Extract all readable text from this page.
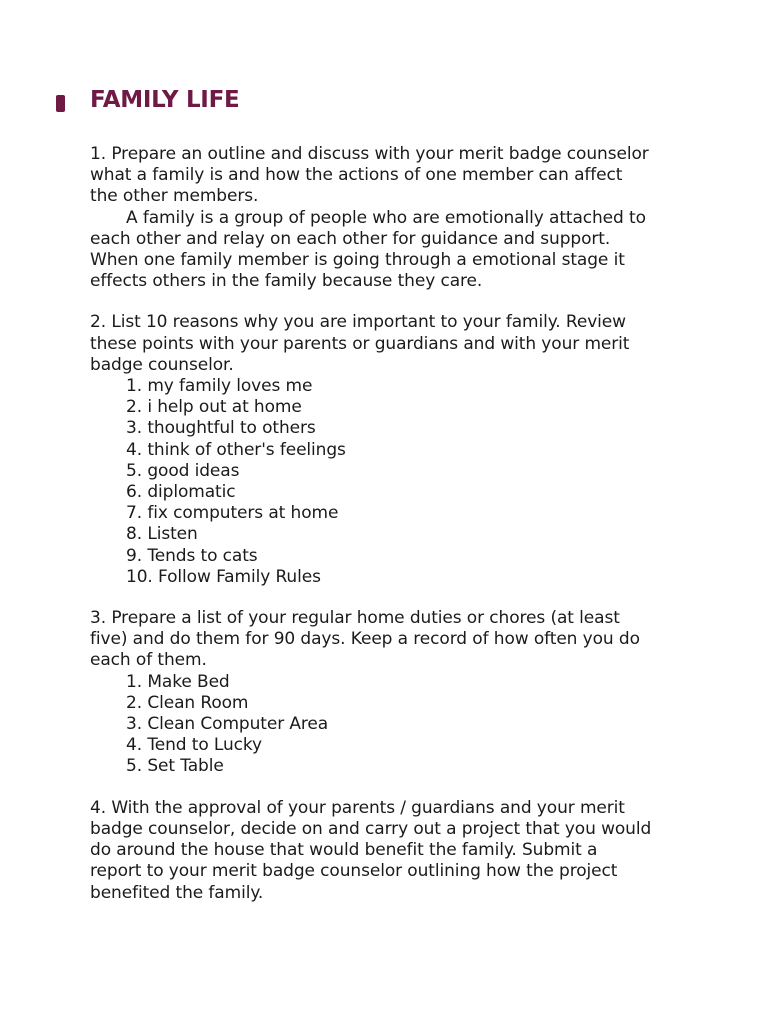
FAMILY LIFE
1. Prepare an outline and discuss with your merit badge counselor
what a family is and how the actions of one member can affect
the other members.
A family is a group of people who are emotionally attached to
each other and relay on each other for guidance and support.
When one family member is going through a emotional stage it
effects others in the family because they care.
2. List 10 reasons why you are important to your family. Review
these points with your parents or guardians and with your merit
badge counselor.
1. my family loves me
2. i help out at home
3. thoughtful to others
4. think of other's feelings
5. good ideas
6. diplomatic
7. fix computers at home
8. Listen
9. Tends to cats
10. Follow Family Rules
3. Prepare a list of your regular home duties or chores (at least
five) and do them for 90 days. Keep a record of how often you do
each of them.
1. Make Bed
2. Clean Room
3. Clean Computer Area
4. Tend to Lucky
5. Set Table
4. With the approval of your parents / guardians and your merit
badge counselor, decide on and carry out a project that you would
do around the house that would benefit the family. Submit a
report to your merit badge counselor outlining how the project
benefited the family.
